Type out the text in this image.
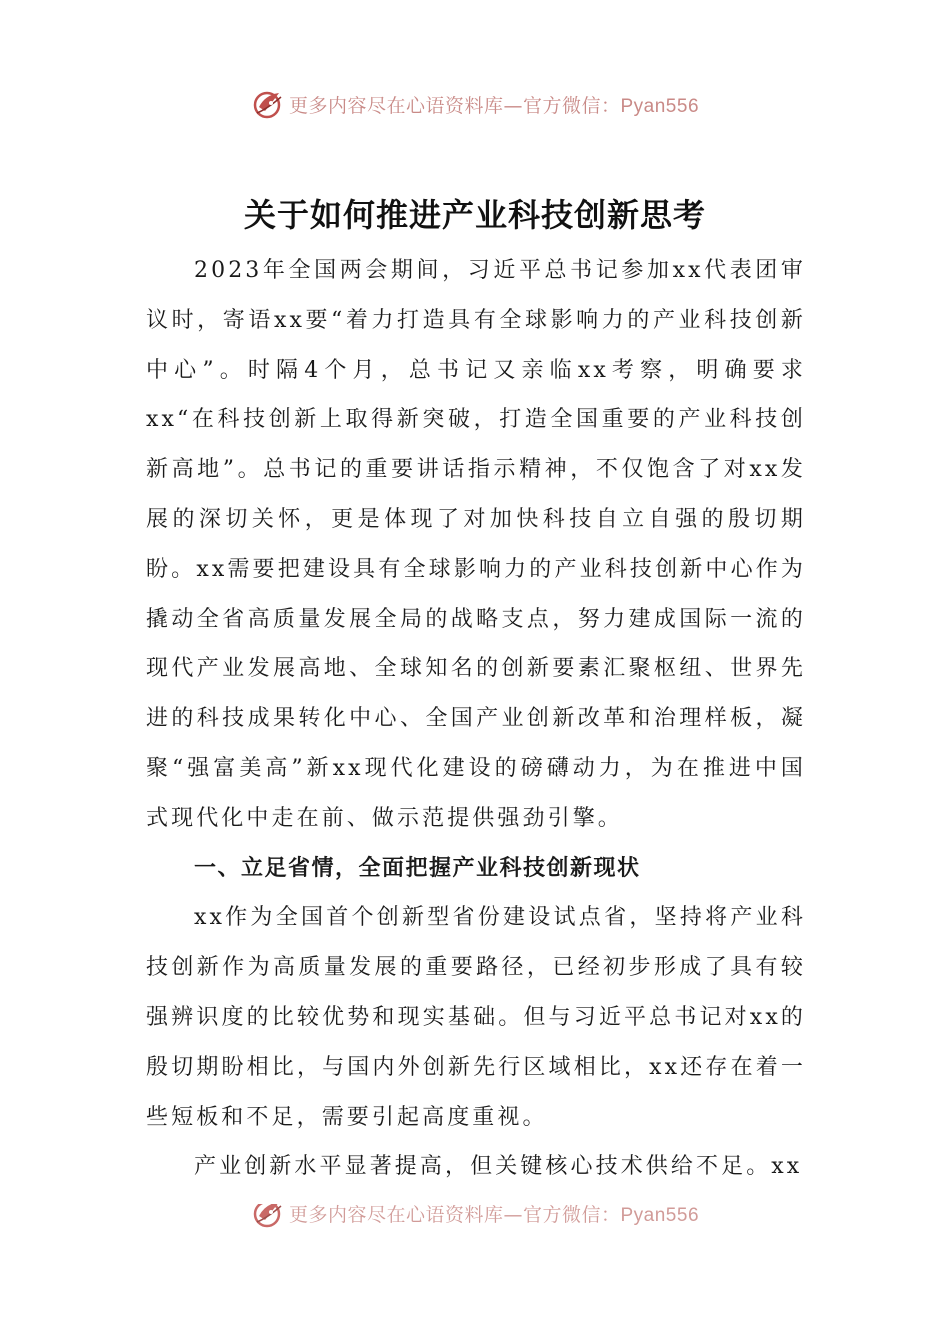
更多内容尽在心语资料库—官方微信：Pyan556
关于如何推进产业科技创新思考

2023年全国两会期间，习近平总书记参加xx代表团审议时，寄语xx要“着力打造具有全球影响力的产业科技创新中心”。时隔4个月，总书记又亲临xx考察，明确要求xx“在科技创新上取得新突破，打造全国重要的产业科技创新高地”。总书记的重要讲话指示精神，不仅饱含了对xx发展的深切关怀，更是体现了对加快科技自立自强的殷切期盼。xx需要把建设具有全球影响力的产业科技创新中心作为撬动全省高质量发展全局的战略支点，努力建成国际一流的现代产业发展高地、全球知名的创新要素汇聚枢纽、世界先进的科技成果转化中心、全国产业创新改革和治理样板，凝聚“强富美高”新xx现代化建设的磅礴动力，为在推进中国式现代化中走在前、做示范提供强劲引擎。

一、立足省情，全面把握产业科技创新现状

xx作为全国首个创新型省份建设试点省，坚持将产业科技创新作为高质量发展的重要路径，已经初步形成了具有较强辨识度的比较优势和现实基础。但与习近平总书记对xx的殷切期盼相比，与国内外创新先行区域相比，xx还存在着一些短板和不足，需要引起高度重视。

产业创新水平显著提高，但关键核心技术供给不足。xx

更多内容尽在心语资料库—官方微信：Pyan556
